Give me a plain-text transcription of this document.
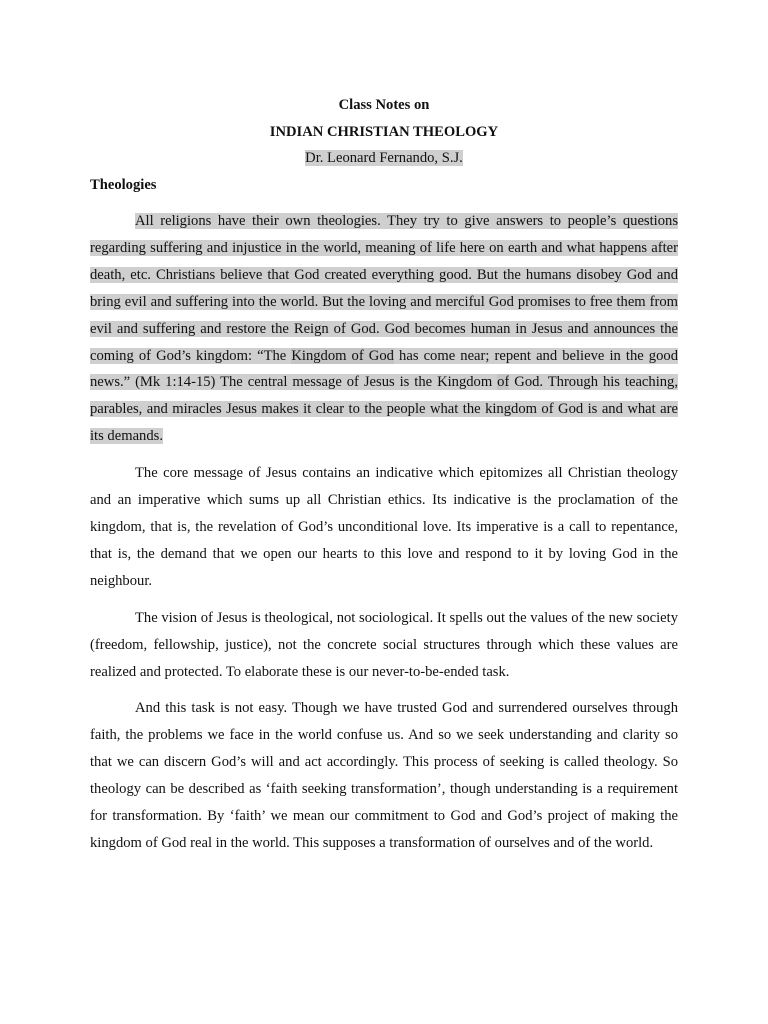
Class Notes on

INDIAN CHRISTIAN THEOLOGY

Dr. Leonard Fernando, S.J.

Theologies

All religions have their own theologies. They try to give answers to people’s questions regarding suffering and injustice in the world, meaning of life here on earth and what happens after death, etc. Christians believe that God created everything good. But the humans disobey God and bring evil and suffering into the world. But the loving and merciful God promises to free them from evil and suffering and restore the Reign of God. God becomes human in Jesus and announces the coming of God’s kingdom: “The Kingdom of God has come near; repent and believe in the good news.” (Mk 1:14-15) The central message of Jesus is the Kingdom of God. Through his teaching, parables, and miracles Jesus makes it clear to the people what the kingdom of God is and what are its demands.

The core message of Jesus contains an indicative which epitomizes all Christian theology and an imperative which sums up all Christian ethics. Its indicative is the proclamation of the kingdom, that is, the revelation of God’s unconditional love. Its imperative is a call to repentance, that is, the demand that we open our hearts to this love and respond to it by loving God in the neighbour.

The vision of Jesus is theological, not sociological. It spells out the values of the new society (freedom, fellowship, justice), not the concrete social structures through which these values are realized and protected. To elaborate these is our never-to-be-ended task.

And this task is not easy. Though we have trusted God and surrendered ourselves through faith, the problems we face in the world confuse us. And so we seek understanding and clarity so that we can discern God’s will and act accordingly. This process of seeking is called theology. So theology can be described as ‘faith seeking transformation’, though understanding is a requirement for transformation. By ‘faith’ we mean our commitment to God and God’s project of making the kingdom of God real in the world. This supposes a transformation of ourselves and of the world.
